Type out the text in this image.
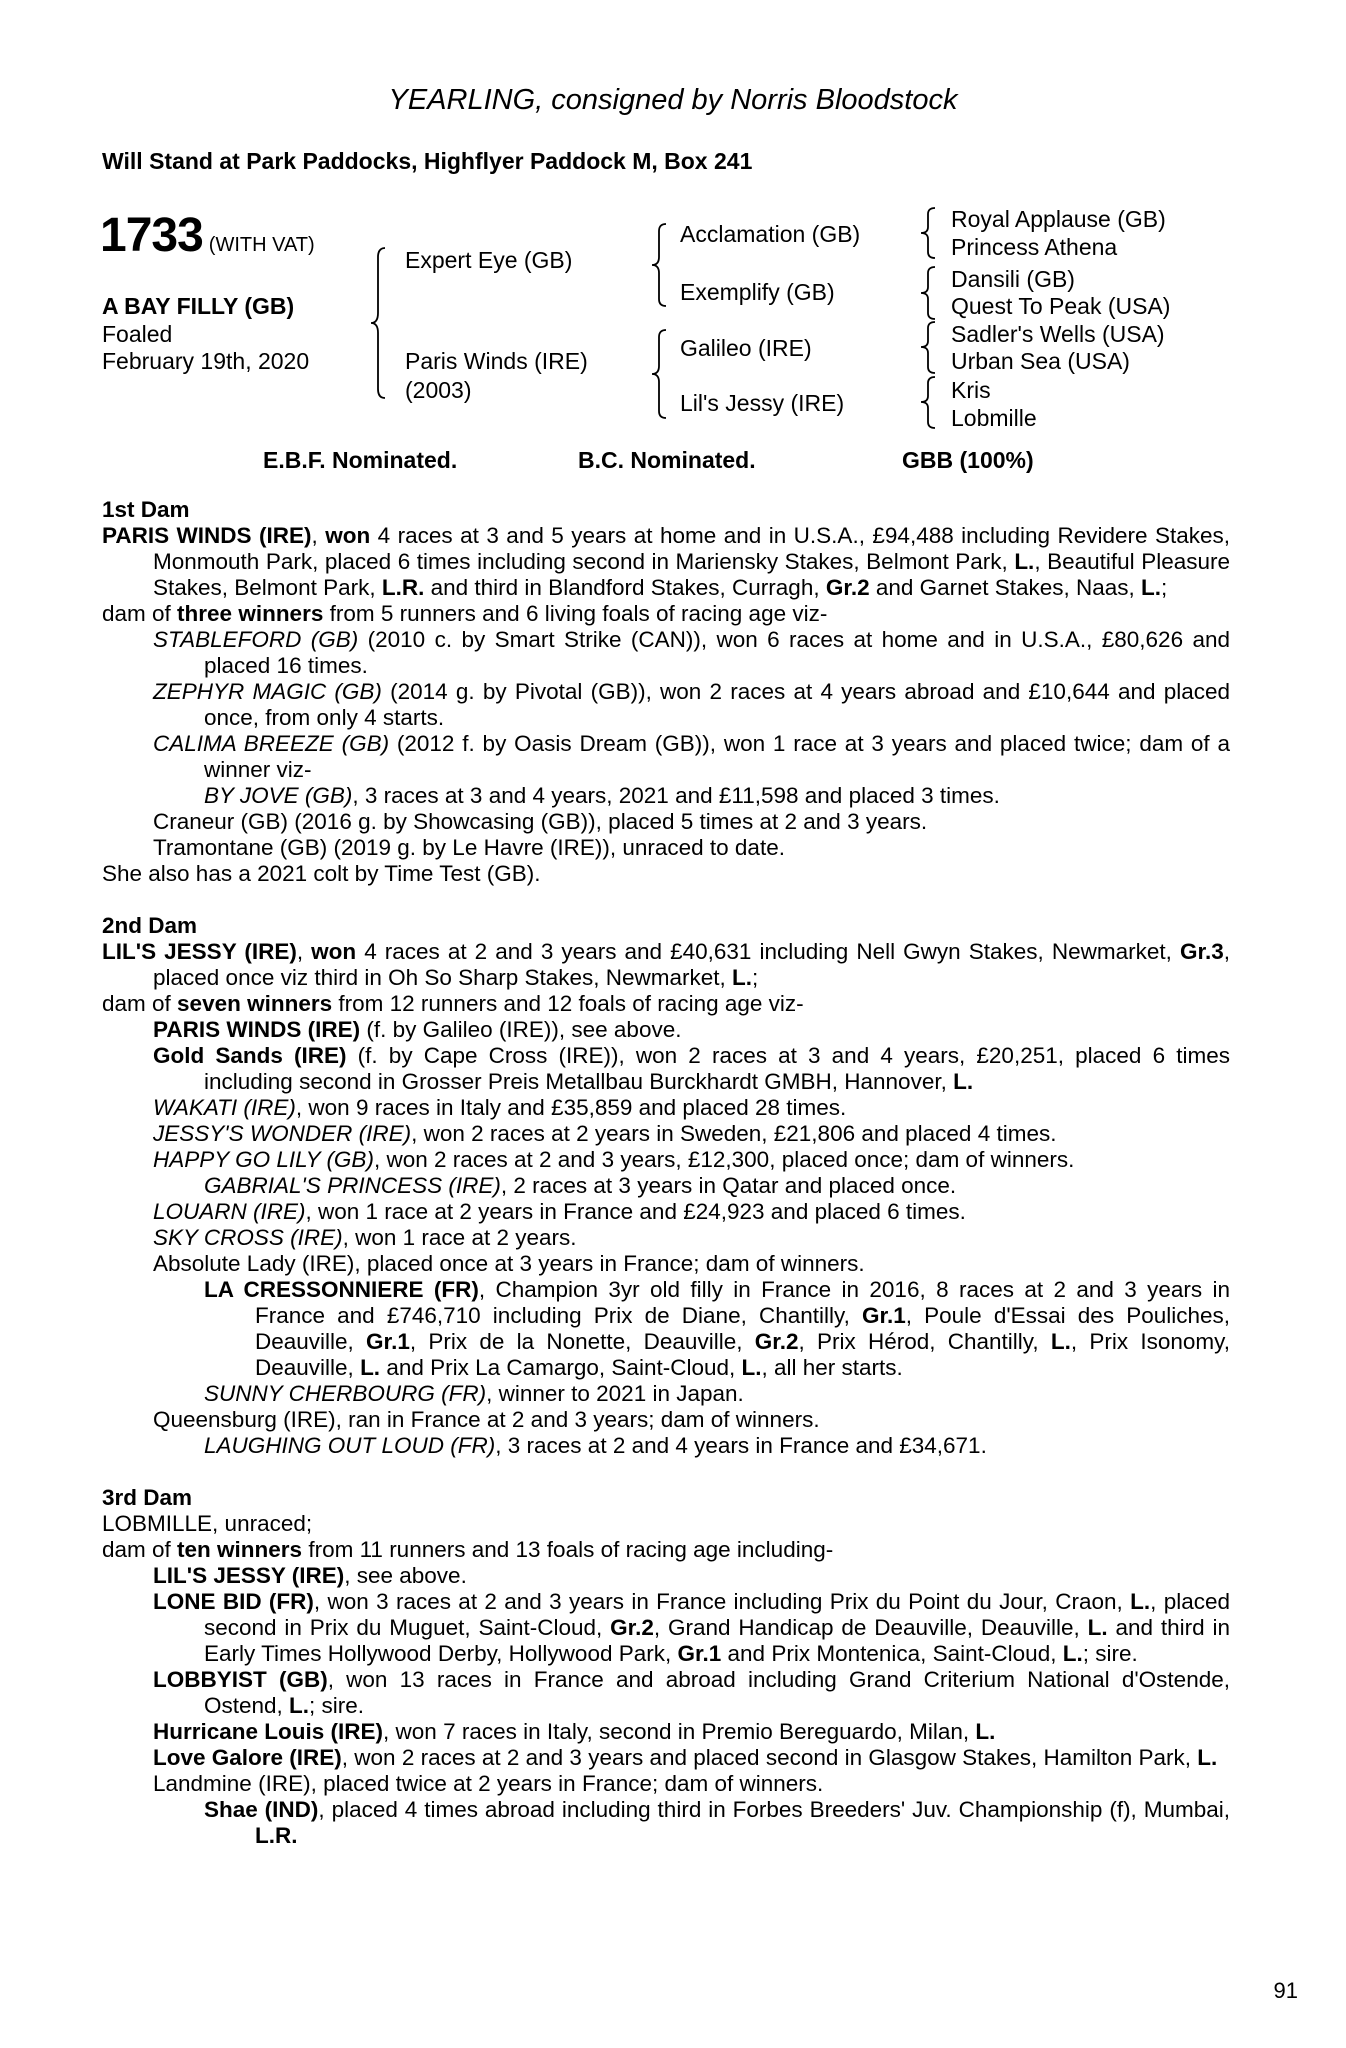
YEARLING, consigned by Norris Bloodstock
Will Stand at Park Paddocks, Highflyer Paddock M, Box 241
1733 (WITH VAT)
A BAY FILLY (GB)
Foaled
February 19th, 2020
Expert Eye (GB)
Paris Winds (IRE)
(2003)
Acclamation (GB)
Exemplify (GB)
Galileo (IRE)
Lil's Jessy (IRE)
Royal Applause (GB)
Princess Athena
Dansili (GB)
Quest To Peak (USA)
Sadler's Wells (USA)
Urban Sea (USA)
Kris
Lobmille
E.B.F. Nominated.	B.C. Nominated.	GBB (100%)
1st Dam
PARIS WINDS (IRE), won 4 races at 3 and 5 years at home and in U.S.A., £94,488 including Revidere Stakes, Monmouth Park, placed 6 times including second in Mariensky Stakes, Belmont Park, L., Beautiful Pleasure Stakes, Belmont Park, L.R. and third in Blandford Stakes, Curragh, Gr.2 and Garnet Stakes, Naas, L.;
dam of three winners from 5 runners and 6 living foals of racing age viz-
STABLEFORD (GB) (2010 c. by Smart Strike (CAN)), won 6 races at home and in U.S.A., £80,626 and placed 16 times.
ZEPHYR MAGIC (GB) (2014 g. by Pivotal (GB)), won 2 races at 4 years abroad and £10,644 and placed once, from only 4 starts.
CALIMA BREEZE (GB) (2012 f. by Oasis Dream (GB)), won 1 race at 3 years and placed twice; dam of a winner viz-
BY JOVE (GB), 3 races at 3 and 4 years, 2021 and £11,598 and placed 3 times.
Craneur (GB) (2016 g. by Showcasing (GB)), placed 5 times at 2 and 3 years.
Tramontane (GB) (2019 g. by Le Havre (IRE)), unraced to date.
She also has a 2021 colt by Time Test (GB).
2nd Dam
LIL'S JESSY (IRE), won 4 races at 2 and 3 years and £40,631 including Nell Gwyn Stakes, Newmarket, Gr.3, placed once viz third in Oh So Sharp Stakes, Newmarket, L.;
dam of seven winners from 12 runners and 12 foals of racing age viz-
PARIS WINDS (IRE) (f. by Galileo (IRE)), see above.
Gold Sands (IRE) (f. by Cape Cross (IRE)), won 2 races at 3 and 4 years, £20,251, placed 6 times including second in Grosser Preis Metallbau Burckhardt GMBH, Hannover, L.
WAKATI (IRE), won 9 races in Italy and £35,859 and placed 28 times.
JESSY'S WONDER (IRE), won 2 races at 2 years in Sweden, £21,806 and placed 4 times.
HAPPY GO LILY (GB), won 2 races at 2 and 3 years, £12,300, placed once; dam of winners.
GABRIAL'S PRINCESS (IRE), 2 races at 3 years in Qatar and placed once.
LOUARN (IRE), won 1 race at 2 years in France and £24,923 and placed 6 times.
SKY CROSS (IRE), won 1 race at 2 years.
Absolute Lady (IRE), placed once at 3 years in France; dam of winners.
LA CRESSONNIERE (FR), Champion 3yr old filly in France in 2016, 8 races at 2 and 3 years in France and £746,710 including Prix de Diane, Chantilly, Gr.1, Poule d'Essai des Pouliches, Deauville, Gr.1, Prix de la Nonette, Deauville, Gr.2, Prix Hérod, Chantilly, L., Prix Isonomy, Deauville, L. and Prix La Camargo, Saint-Cloud, L., all her starts.
SUNNY CHERBOURG (FR), winner to 2021 in Japan.
Queensburg (IRE), ran in France at 2 and 3 years; dam of winners.
LAUGHING OUT LOUD (FR), 3 races at 2 and 4 years in France and £34,671.
3rd Dam
LOBMILLE, unraced;
dam of ten winners from 11 runners and 13 foals of racing age including-
LIL'S JESSY (IRE), see above.
LONE BID (FR), won 3 races at 2 and 3 years in France including Prix du Point du Jour, Craon, L., placed second in Prix du Muguet, Saint-Cloud, Gr.2, Grand Handicap de Deauville, Deauville, L. and third in Early Times Hollywood Derby, Hollywood Park, Gr.1 and Prix Montenica, Saint-Cloud, L.; sire.
LOBBYIST (GB), won 13 races in France and abroad including Grand Criterium National d'Ostende, Ostend, L.; sire.
Hurricane Louis (IRE), won 7 races in Italy, second in Premio Bereguardo, Milan, L.
Love Galore (IRE), won 2 races at 2 and 3 years and placed second in Glasgow Stakes, Hamilton Park, L.
Landmine (IRE), placed twice at 2 years in France; dam of winners.
Shae (IND), placed 4 times abroad including third in Forbes Breeders' Juv. Championship (f), Mumbai, L.R.
91
